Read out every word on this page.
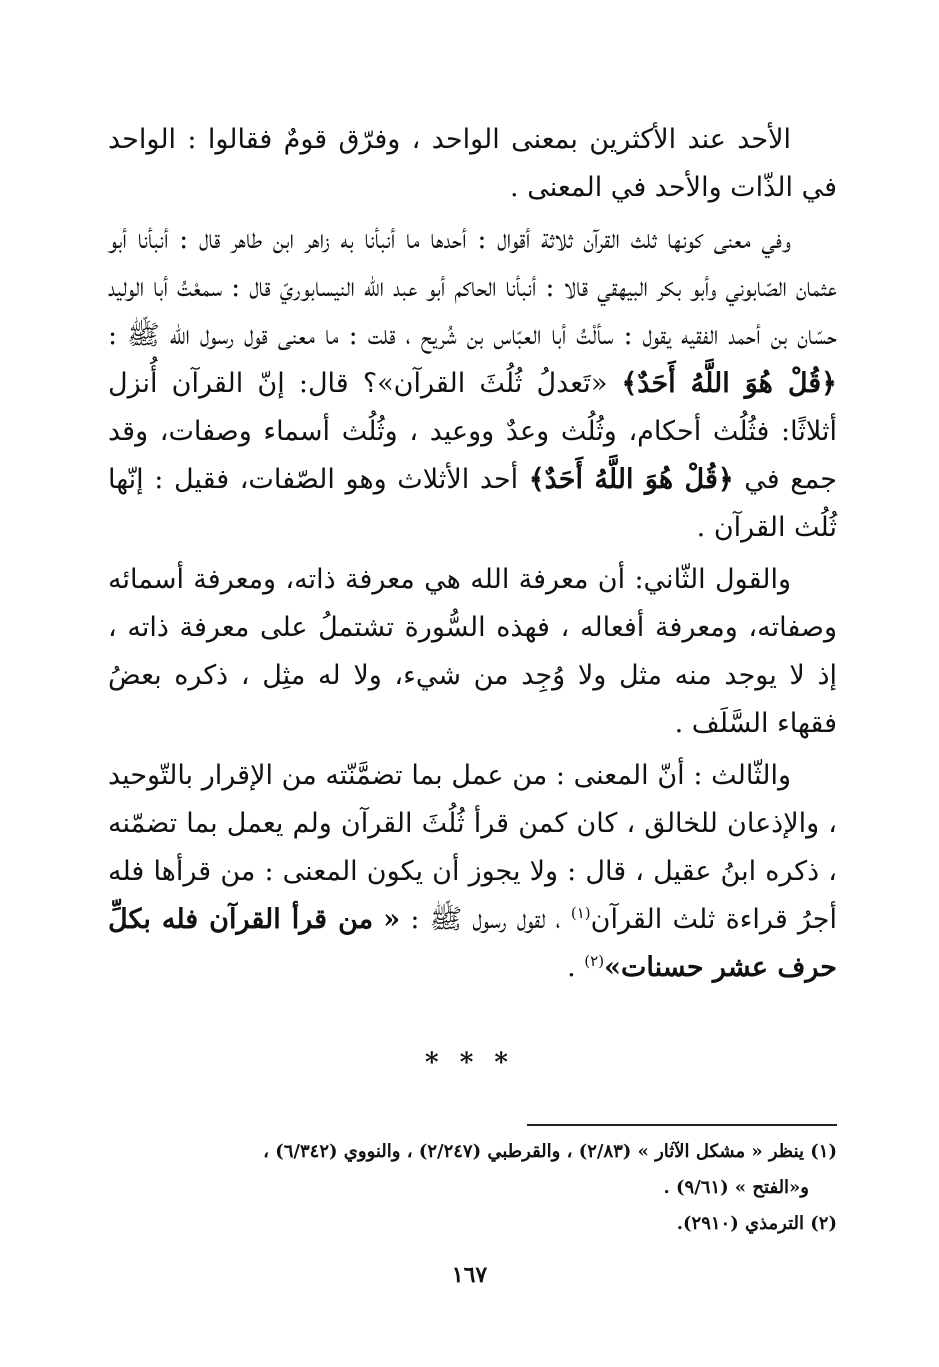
الأحد عند الأكثرين بمعنى الواحد ، وفرّق قومٌ فقالوا : الواحد في الذّات والأحد في المعنى .

وفي معنى كونها ثلث القرآن ثلاثة أقوال : أحدها ما أنبأنا به زاهر ابن طاهر قال : أنبأنا أبو عثمان الصّابوني وأبو بكر البيهقي قالا : أنبأنا الحاكم أبو عبد الله النيسابوريّ قال : سمعْتُ أبا الوليد حسّان بن أحمد الفقيه يقول : سألْتُ أبا العبّاس بن شُريح ، قلت : ما معنى قول رسول الله ﷺ : ﴿قُلْ هُوَ اللَّهُ أَحَدٌ﴾ «تَعدلُ ثُلُثَ القرآن»؟ قال: إنّ القرآن أُنزل أثلاثًا: فثُلُث أحكام، وثُلُث وعدٌ ووعيد ، وثُلُث أسماء وصفات، وقد جمع في ﴿قُلْ هُوَ اللَّهُ أَحَدٌ﴾ أحد الأثلاث وهو الصّفات، فقيل : إنّها ثُلُث القرآن .

والقول الثّاني: أن معرفة الله هي معرفة ذاته، ومعرفة أسمائه وصفاته، ومعرفة أفعاله ، فهذه السُّورة تشتملُ على معرفة ذاته ، إذ لا يوجد منه مثل ولا وُجِد من شيء، ولا له مثِل ، ذكره بعضُ فقهاء السَّلَف .

والثّالث : أنّ المعنى : من عمل بما تضمَّنّته من الإقرار بالتّوحيد ، والإذعان للخالق ، كان كمن قرأ ثُلُثَ القرآن ولم يعمل بما تضمّنه ، ذكره ابنُ عقيل ، قال : ولا يجوز أن يكون المعنى : من قرأها فله أجرُ قراءة ثلث القرآن$^{(١)}$ ، لقول رسول ﷺ : « من قرأ القرآن فله بكلِّ حرف عشر حسنات»$^{(٢)}$ .

* * *

(١) ينظر « مشكل الآثار » (٢/٨٣) ، والقرطبي (٢/٢٤٧) ، والنووي (٦/٣٤٢) ،

و«الفتح » (٩/٦١) .

(٢) الترمذي (٢٩١٠).

١٦٧
